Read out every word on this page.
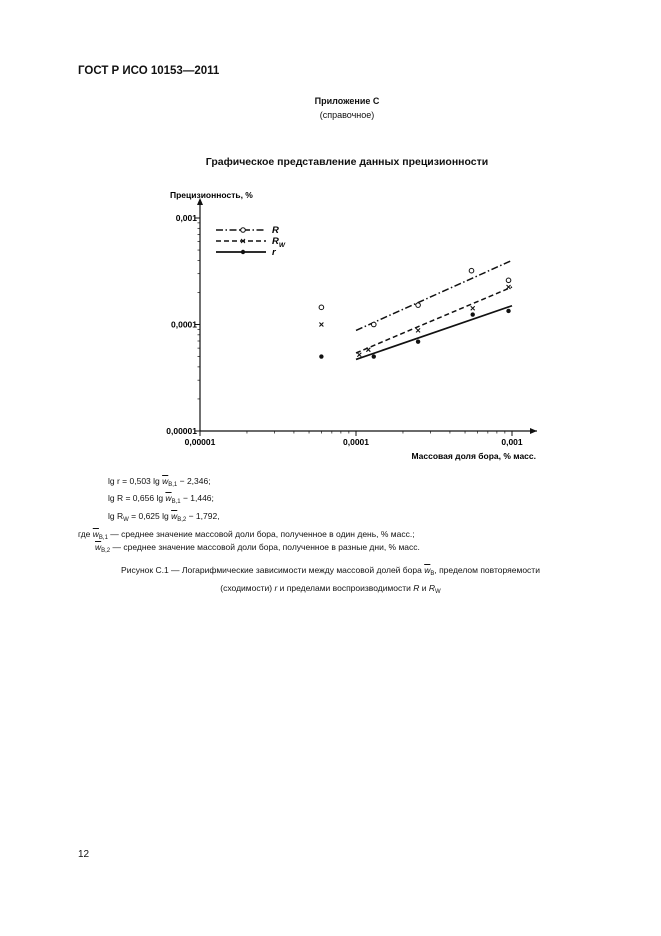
ГОСТ Р ИСО 10153—2011
Приложение С
(справочное)
Графическое представление данных прецизионности
0,00001	0,0001	0,001
0,00001
0,0001
0,001
Прецизионность, %
Массовая доля бора, % масс.
R
$R_W$
r
lg r = 0,503 $\lg \overline{w}_{B,1} - 2,346$;
lg R = 0,656 $\lg \overline{w}_{B,1} - 1,446$;
$\lg R_W = 0,625$ $\lg \overline{w}_{B,2} - 1,792$,
где $\overline{w}_{B,1}$ — среднее значение массовой доли бора, полученное в один день, % масс.;
$\overline{w}_{B,2}$ — среднее значение массовой доли бора, полученное в разные дни, % масс.
Рисунок С.1 — Логарифмические зависимости между массовой долей бора $\overline{w}_B$, пределом повторяемости
(сходимости) r и пределами воспроизводимости R и $R_W$
12
